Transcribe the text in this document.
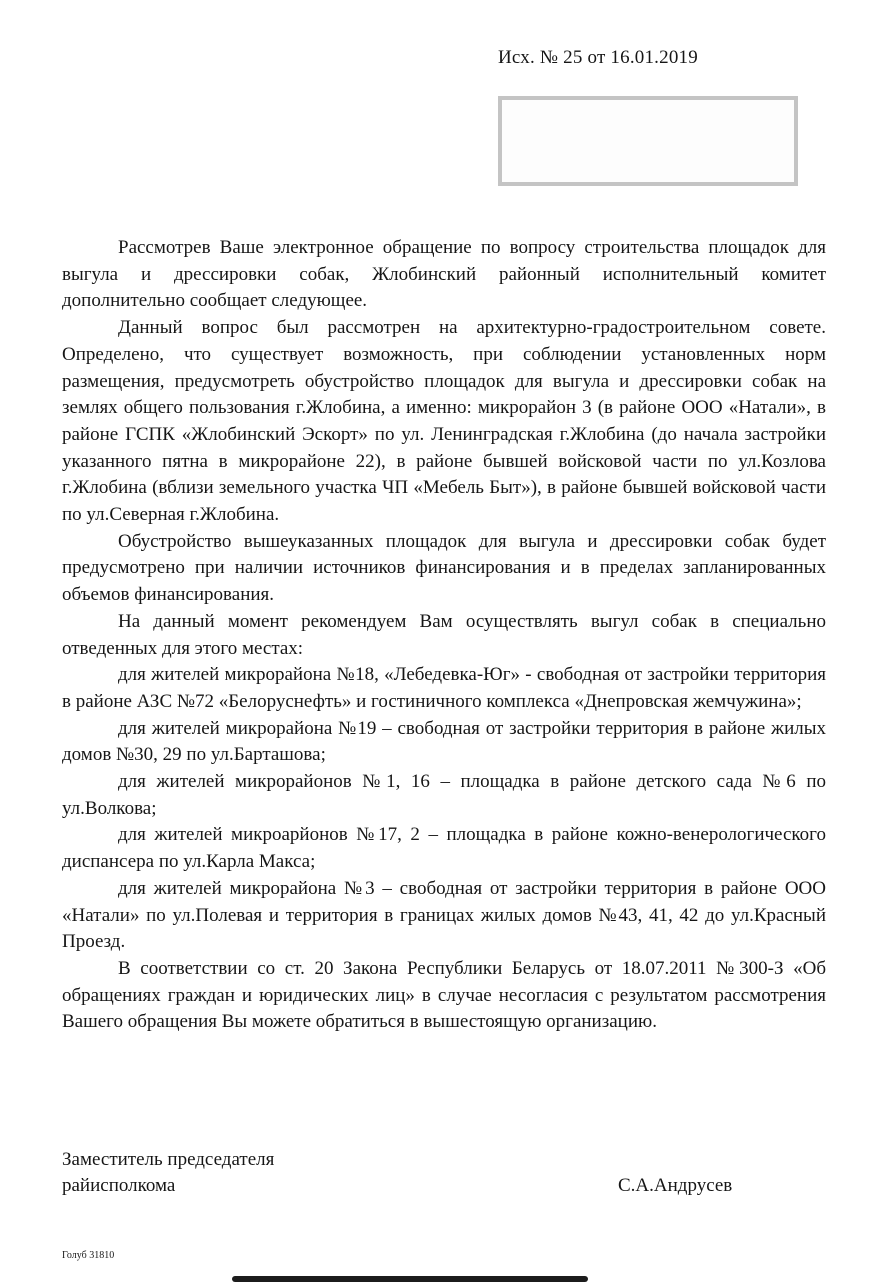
Исх. № 25 от 16.01.2019

Рассмотрев Ваше электронное обращение по вопросу строительства площадок для выгула и дрессировки собак, Жлобинский районный исполнительный комитет дополнительно сообщает следующее.

Данный вопрос был рассмотрен на архитектурно-градостроительном совете. Определено, что существует возможность, при соблюдении установленных норм размещения, предусмотреть обустройство площадок для выгула и дрессировки собак на землях общего пользования г.Жлобина, а именно: микрорайон 3 (в районе ООО «Натали», в районе ГСПК «Жлобинский Эскорт» по ул. Ленинградская г.Жлобина (до начала застройки указанного пятна в микрорайоне 22), в районе бывшей войсковой части по ул.Козлова г.Жлобина (вблизи земельного участка ЧП «Мебель Быт»), в районе бывшей войсковой части по ул.Северная г.Жлобина.

Обустройство вышеуказанных площадок для выгула и дрессировки собак будет предусмотрено при наличии источников финансирования и в пределах запланированных объемов финансирования.

На данный момент рекомендуем Вам осуществлять выгул собак в специально отведенных для этого местах:

для жителей микрорайона №18, «Лебедевка-Юг» - свободная от застройки территория в районе АЗС №72 «Белоруснефть» и гостиничного комплекса «Днепровская жемчужина»;

для жителей микрорайона №19 – свободная от застройки территория в районе жилых домов №30, 29 по ул.Барташова;

для жителей микрорайонов №1, 16 – площадка в районе детского сада №6 по ул.Волкова;

для жителей микроарйонов №17, 2 – площадка в районе кожно-венерологического диспансера по ул.Карла Макса;

для жителей микрорайона №3 – свободная от застройки территория в районе ООО «Натали» по ул.Полевая и территория в границах жилых домов №43, 41, 42 до ул.Красный Проезд.

В соответствии со ст. 20 Закона Республики Беларусь от 18.07.2011 №300-З «Об обращениях граждан и юридических лиц» в случае несогласия с результатом рассмотрения Вашего обращения Вы можете обратиться в вышестоящую организацию.

Заместитель председателя
райисполкома	С.А.Андрусев
Голуб 31810
